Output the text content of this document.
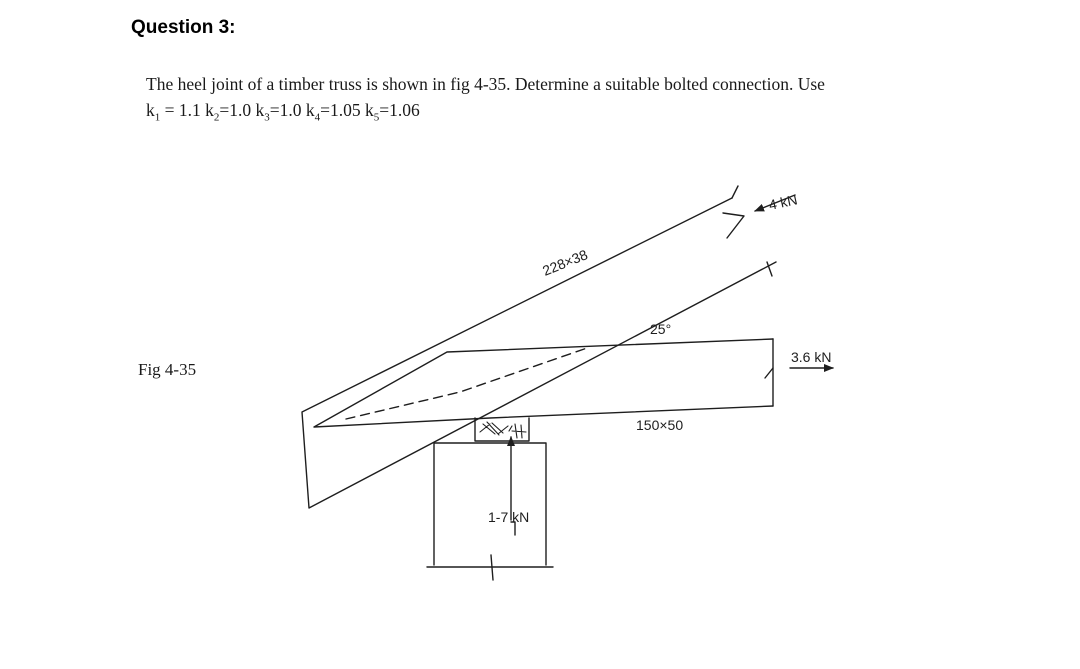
Question 3:
The heel joint of a timber truss is shown in fig 4-35. Determine a suitable bolted connection. Use
$k_1 = 1.1$ $k_2=1.0$ $k_3=1.0$ $k_4=1.05$ $k_5=1.06$
Fig 4-35
228×38
25°
150×50
4 kN
3.6 kN
1-7 kN
